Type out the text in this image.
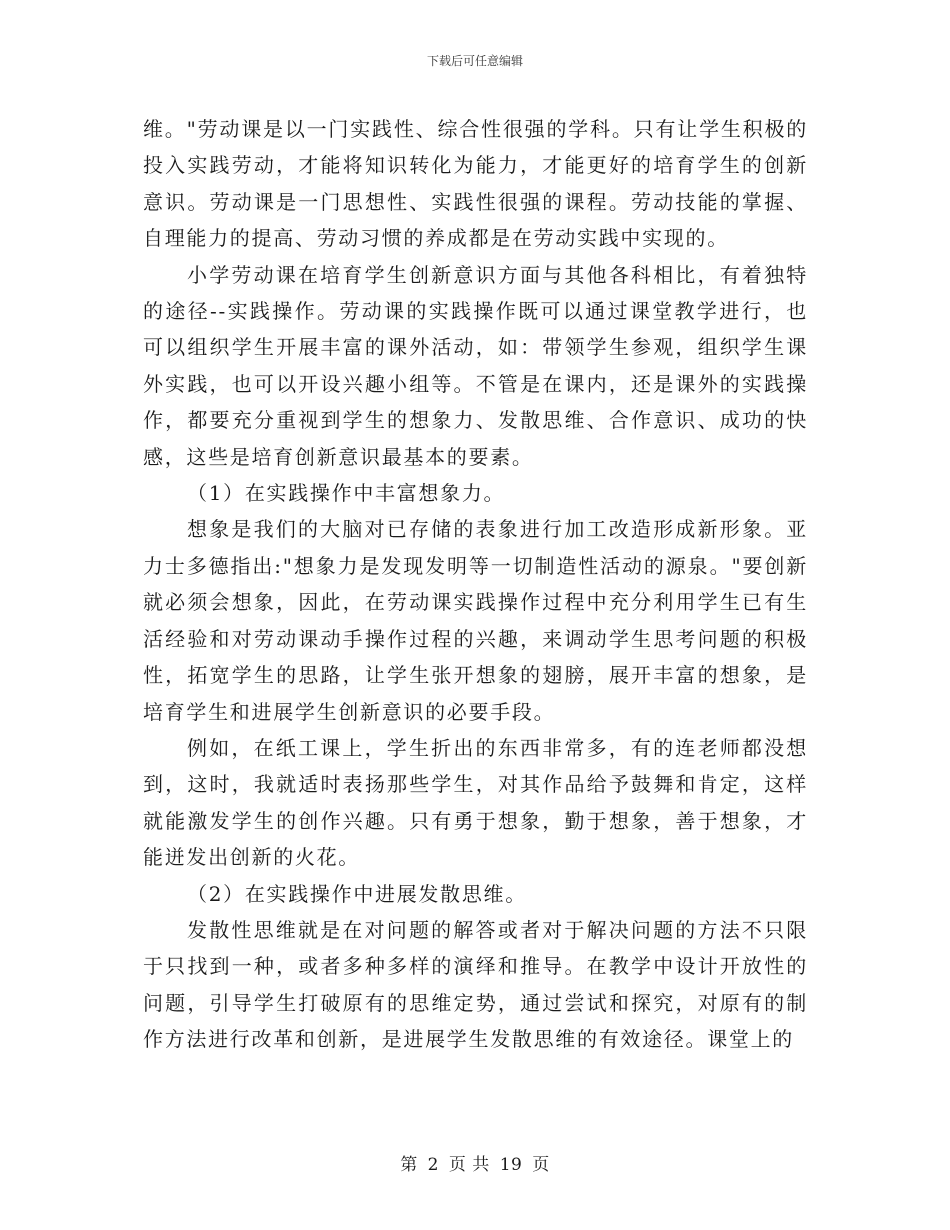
下载后可任意编辑

维。"劳动课是以一门实践性、综合性很强的学科。只有让学生积极的投入实践劳动，才能将知识转化为能力，才能更好的培育学生的创新意识。劳动课是一门思想性、实践性很强的课程。劳动技能的掌握、自理能力的提高、劳动习惯的养成都是在劳动实践中实现的。

小学劳动课在培育学生创新意识方面与其他各科相比，有着独特的途径--实践操作。劳动课的实践操作既可以通过课堂教学进行，也可以组织学生开展丰富的课外活动，如：带领学生参观，组织学生课外实践，也可以开设兴趣小组等。不管是在课内，还是课外的实践操作，都要充分重视到学生的想象力、发散思维、合作意识、成功的快感，这些是培育创新意识最基本的要素。

（1）在实践操作中丰富想象力。

想象是我们的大脑对已存储的表象进行加工改造形成新形象。亚力士多德指出:"想象力是发现发明等一切制造性活动的源泉。"要创新就必须会想象，因此，在劳动课实践操作过程中充分利用学生已有生活经验和对劳动课动手操作过程的兴趣，来调动学生思考问题的积极性，拓宽学生的思路，让学生张开想象的翅膀，展开丰富的想象，是培育学生和进展学生创新意识的必要手段。

例如，在纸工课上，学生折出的东西非常多，有的连老师都没想到，这时，我就适时表扬那些学生，对其作品给予鼓舞和肯定，这样就能激发学生的创作兴趣。只有勇于想象，勤于想象，善于想象，才能迸发出创新的火花。

（2）在实践操作中进展发散思维。

发散性思维就是在对问题的解答或者对于解决问题的方法不只限于只找到一种，或者多种多样的演绎和推导。在教学中设计开放性的问题，引导学生打破原有的思维定势，通过尝试和探究，对原有的制作方法进行改革和创新，是进展学生发散思维的有效途径。课堂上的

第 2 页 共 19 页
